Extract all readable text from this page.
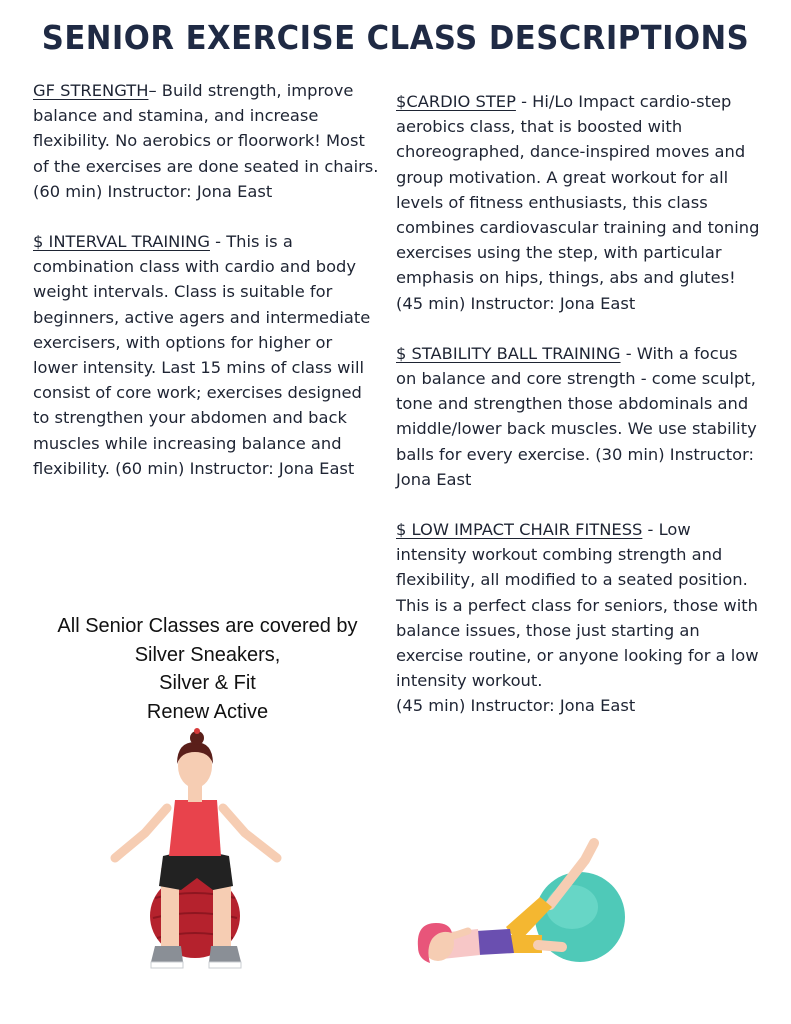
SENIOR EXERCISE CLASS DESCRIPTIONS

GF STRENGTH– Build strength, improve balance and stamina, and increase flexibility. No aerobics or floorwork! Most of the exercises are done seated in chairs. (60 min) Instructor: Jona East

$ INTERVAL TRAINING - This is a combination class with cardio and body weight intervals. Class is suitable for beginners, active agers and intermediate exercisers, with options for higher or lower intensity. Last 15 mins of class will consist of core work; exercises designed to strengthen your abdomen and back muscles while increasing balance and flexibility. (60 min) Instructor: Jona East

$CARDIO STEP - Hi/Lo Impact cardio-step aerobics class, that is boosted with choreographed, dance-inspired moves and group motivation. A great workout for all levels of fitness enthusiasts, this class combines cardiovascular training and toning exercises using the step, with particular emphasis on hips, things, abs and glutes! (45 min) Instructor: Jona East

$ STABILITY BALL TRAINING - With a focus on balance and core strength - come sculpt, tone and strengthen those abdominals and middle/lower back muscles. We use stability balls for every exercise. (30 min) Instructor: Jona East

$ LOW IMPACT CHAIR FITNESS - Low intensity workout combing strength and flexibility, all modified to a seated position. This is a perfect class for seniors, those with balance issues, those just starting an exercise routine, or anyone looking for a low intensity workout.
(45 min) Instructor: Jona East

All Senior Classes are covered by
Silver Sneakers,
Silver & Fit
Renew Active
